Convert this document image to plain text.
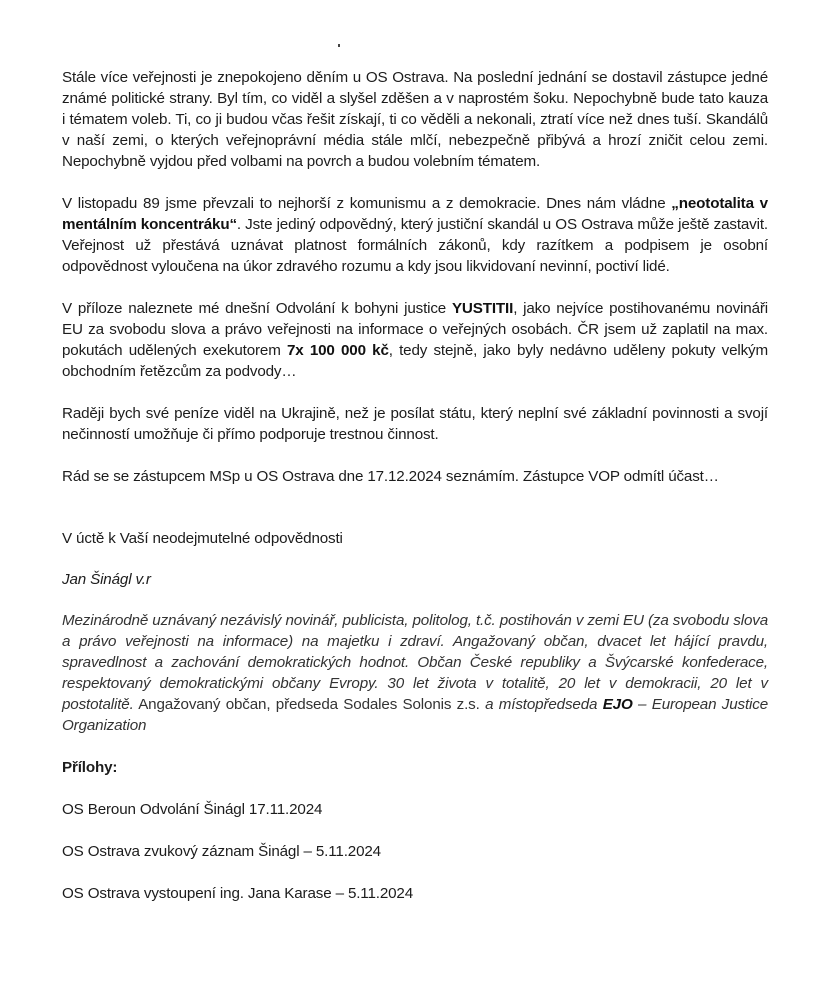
Stále více veřejnosti je znepokojeno děním u OS Ostrava. Na poslední jednání se dostavil zástupce jedné známé politické strany. Byl tím, co viděl a slyšel zděšen a v naprostém šoku. Nepochybně bude tato kauza i tématem voleb. Ti, co ji budou včas řešit získají, ti co věděli a nekonali, ztratí více než dnes tuší. Skandálů v naší zemi, o kterých veřejnoprávní média stále mlčí, nebezpečně přibývá a hrozí zničit celou zemi. Nepochybně vyjdou před volbami na povrch a budou volebním tématem.

V listopadu 89 jsme převzali to nejhorší z komunismu a z demokracie. Dnes nám vládne „neototalita v mentálním koncentráku“. Jste jediný odpovědný, který justiční skandál u OS Ostrava může ještě zastavit. Veřejnost už přestává uznávat platnost formálních zákonů, kdy razítkem a podpisem je osobní odpovědnost vyloučena na úkor zdravého rozumu a kdy jsou likvidovaní nevinní, poctiví lidé.

V příloze naleznete mé dnešní Odvolání k bohyni justice YUSTITII, jako nejvíce postihovanému novináři EU za svobodu slova a právo veřejnosti na informace o veřejných osobách. ČR jsem už zaplatil na max. pokutách udělených exekutorem 7x 100 000 kč, tedy stejně, jako byly nedávno uděleny pokuty velkým obchodním řetězcům za podvody…

Raději bych své peníze viděl na Ukrajině, než je posílat státu, který neplní své základní povinnosti a svojí nečinností umožňuje či přímo podporuje trestnou činnost.

Rád se se zástupcem MSp u OS Ostrava dne 17.12.2024 seznámím. Zástupce VOP odmítl účast…

V úctě k Vaší neodejmutelné odpovědnosti

Jan Šinágl v.r

Mezinárodně uznávaný nezávislý novinář, publicista, politolog, t.č. postihován v zemi EU (za svobodu slova a právo veřejnosti na informace) na majetku i zdraví. Angažovaný občan, dvacet let hájící pravdu, spravedlnost a zachování demokratických hodnot. Občan České republiky a Švýcarské konfederace, respektovaný demokratickými občany Evropy. 30 let života v totalitě, 20 let v demokracii, 20 let v postotalitě. Angažovaný občan, předseda Sodales Solonis z.s. a místopředseda EJO – European Justice Organization

Přílohy:

OS Beroun Odvolání Šinágl 17.11.2024

OS Ostrava zvukový záznam Šinágl – 5.11.2024

OS Ostrava vystoupení ing. Jana Karase – 5.11.2024
